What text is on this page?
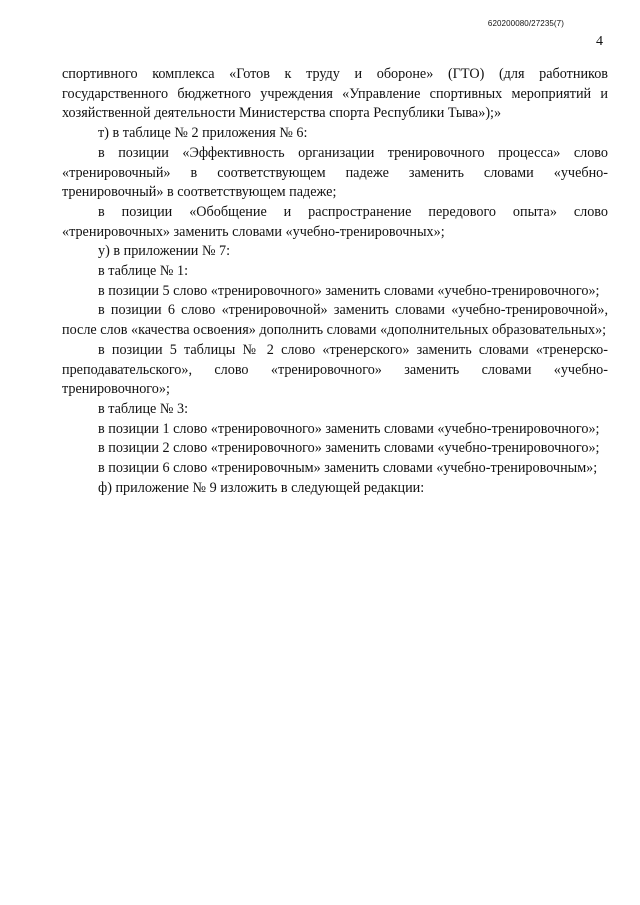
620200080/27235(7)
4

спортивного комплекса «Готов к труду и обороне» (ГТО) (для работников государственного бюджетного учреждения «Управление спортивных мероприятий и хозяйственной деятельности Министерства спорта Республики Тыва»);»

т) в таблице № 2 приложения № 6:

в позиции «Эффективность организации тренировочного процесса» слово «тренировочный» в соответствующем падеже заменить словами «учебно-тренировочный» в соответствующем падеже;

в позиции «Обобщение и распространение передового опыта» слово «тренировочных» заменить словами «учебно-тренировочных»;

у) в приложении № 7:

в таблице № 1:

в позиции 5 слово «тренировочного» заменить словами «учебно-тренировочного»;

в позиции 6 слово «тренировочной» заменить словами «учебно-тренировочной», после слов «качества освоения» дополнить словами «дополнительных образовательных»;

в позиции 5 таблицы № 2 слово «тренерского» заменить словами «тренерско-преподавательского», слово «тренировочного» заменить словами «учебно-тренировочного»;

в таблице № 3:

в позиции 1 слово «тренировочного» заменить словами «учебно-тренировочного»;

в позиции 2 слово «тренировочного» заменить словами «учебно-тренировочного»;

в позиции 6 слово «тренировочным» заменить словами «учебно-тренировочным»;

ф) приложение № 9 изложить в следующей редакции:
